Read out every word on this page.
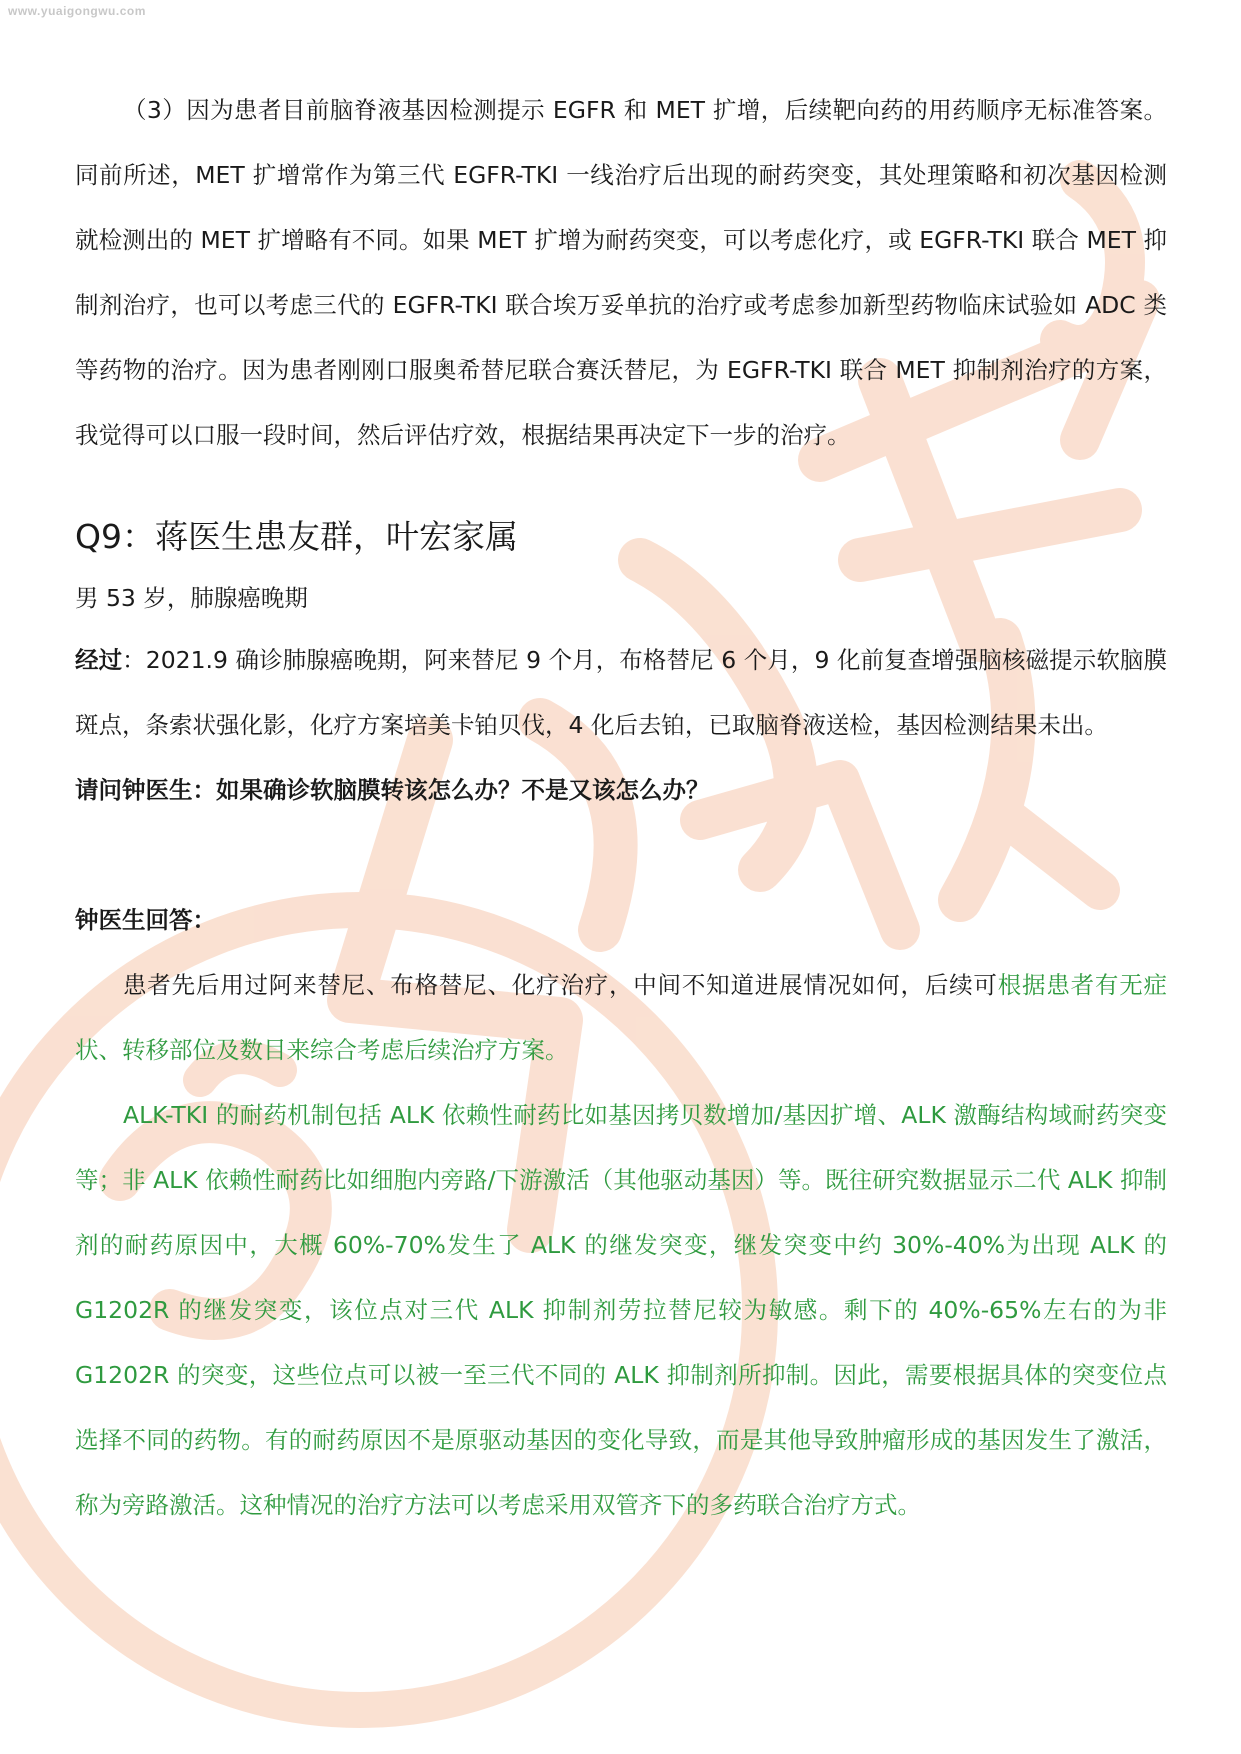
www.yuaigongwu.com

（3）因为患者目前脑脊液基因检测提示 EGFR 和 MET 扩增，后续靶向药的用药顺序无标准答案。同前所述，MET 扩增常作为第三代 EGFR-TKI 一线治疗后出现的耐药突变，其处理策略和初次基因检测就检测出的 MET 扩增略有不同。如果 MET 扩增为耐药突变，可以考虑化疗，或 EGFR-TKI 联合 MET 抑制剂治疗，也可以考虑三代的 EGFR-TKI 联合埃万妥单抗的治疗或考虑参加新型药物临床试验如 ADC 类等药物的治疗。因为患者刚刚口服奥希替尼联合赛沃替尼，为 EGFR-TKI 联合 MET 抑制剂治疗的方案，我觉得可以口服一段时间，然后评估疗效，根据结果再决定下一步的治疗。

Q9：蒋医生患友群，叶宏家属

男 53 岁，肺腺癌晚期

经过：2021.9 确诊肺腺癌晚期，阿来替尼 9 个月，布格替尼 6 个月，9 化前复查增强脑核磁提示软脑膜斑点，条索状强化影，化疗方案培美卡铂贝伐，4 化后去铂，已取脑脊液送检，基因检测结果未出。

请问钟医生：如果确诊软脑膜转该怎么办？不是又该怎么办？

钟医生回答：

患者先后用过阿来替尼、布格替尼、化疗治疗，中间不知道进展情况如何，后续可根据患者有无症状、转移部位及数目来综合考虑后续治疗方案。

ALK-TKI 的耐药机制包括 ALK 依赖性耐药比如基因拷贝数增加/基因扩增、ALK 激酶结构域耐药突变等；非 ALK 依赖性耐药比如细胞内旁路/下游激活（其他驱动基因）等。既往研究数据显示二代 ALK 抑制剂的耐药原因中，大概 60%-70%发生了 ALK 的继发突变，继发突变中约 30%-40%为出现 ALK 的 G1202R 的继发突变，该位点对三代 ALK 抑制剂劳拉替尼较为敏感。剩下的 40%-65%左右的为非 G1202R 的突变，这些位点可以被一至三代不同的 ALK 抑制剂所抑制。因此，需要根据具体的突变位点选择不同的药物。有的耐药原因不是原驱动基因的变化导致，而是其他导致肿瘤形成的基因发生了激活，称为旁路激活。这种情况的治疗方法可以考虑采用双管齐下的多药联合治疗方式。
